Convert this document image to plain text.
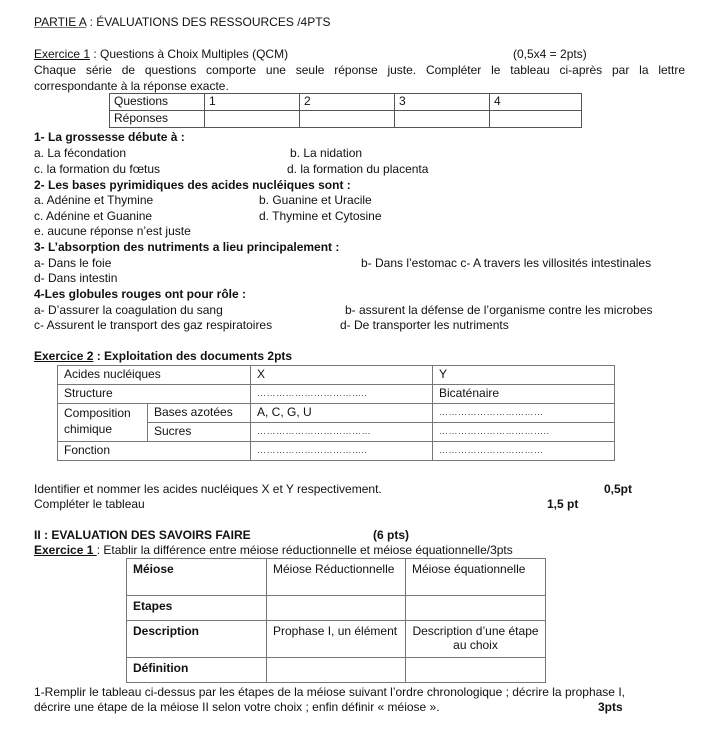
PARTIE A : ÉVALUATIONS DES RESSOURCES /4PTS
Exercice 1 : Questions à Choix Multiples (QCM)	(0,5x4 = 2pts)
Chaque série de questions comporte une seule réponse juste. Compléter le tableau ci-après par la lettre
correspondante à la réponse exacte.
Questions	1	2	3	4
Réponses				
1- La grossesse débute à :
a. La fécondation	b. La nidation
c. la formation du fœtus	d. la formation du placenta
2- Les bases pyrimidiques des acides nucléiques sont :
a. Adénine et Thymine	b. Guanine et Uracile
c. Adénine et Guanine	d. Thymine et Cytosine
e. aucune réponse n’est juste
3- L’absorption des nutriments a lieu principalement :
a- Dans le foie	b- Dans l’estomac c- A travers les villosités intestinales
d- Dans intestin
4-Les globules rouges ont pour rôle :
a- D’assurer la coagulation du sang	b- assurent la défense de l’organisme contre les microbes
c- Assurent le transport des gaz respiratoires	d- De transporter les nutriments
Exercice 2 : Exploitation des documents 2pts
Acides nucléiques		X	Y
Structure		……………………………..	Bicaténaire
Composition chimique	Bases azotées	A, C, G, U	……………………………
	Sucres	………………………………	……………………………..
Fonction		……………………………..	……………………………
Identifier et nommer les acides nucléiques X et Y respectivement.	0,5pt
Compléter le tableau	1,5 pt
II : EVALUATION DES SAVOIRS FAIRE	(6 pts)
Exercice 1 : Etablir la différence entre méiose réductionnelle et méiose équationnelle/3pts
Méiose	Méiose Réductionnelle	Méiose équationnelle
Etapes		
Description	Prophase I, un élément	Description d’une étape au choix
Définition		
1-Remplir le tableau ci-dessus par les étapes de la méiose suivant l’ordre chronologique ; décrire la prophase I,
décrire une étape de la méiose II selon votre choix ; enfin définir « méiose ».	3pts
